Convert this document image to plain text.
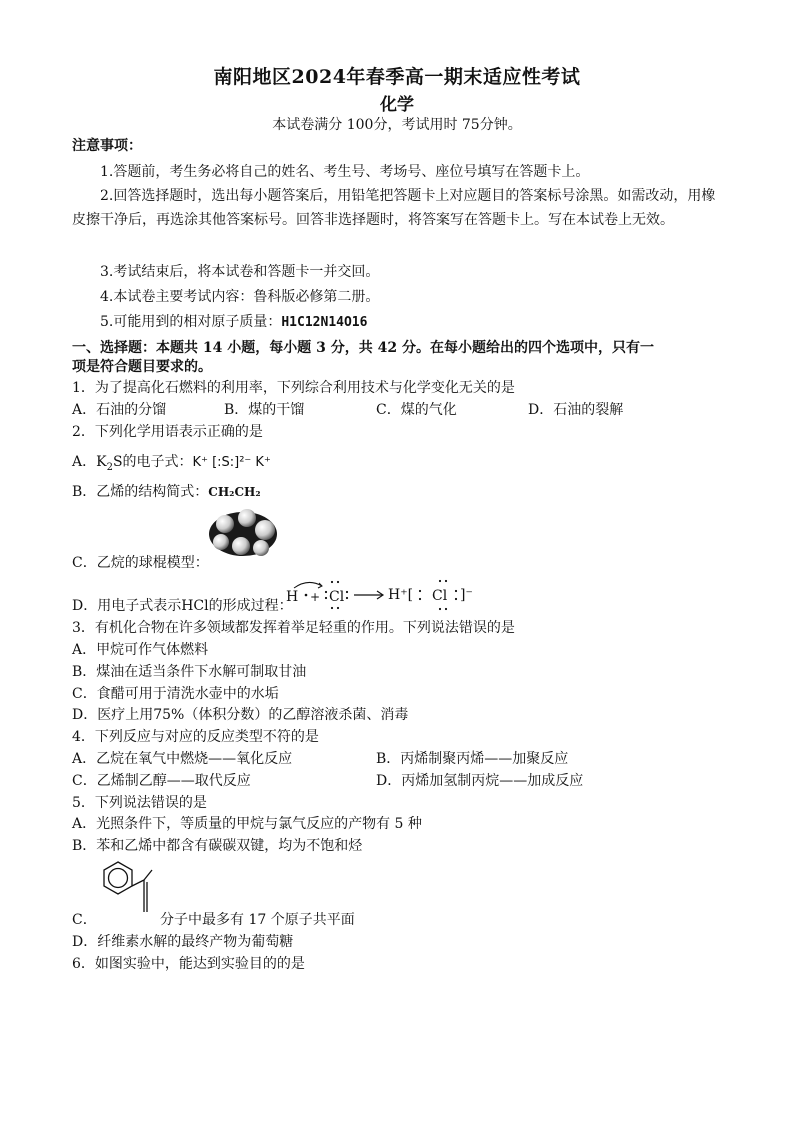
南阳地区2024年春季高一期末适应性考试
化学
本试卷满分 100分，考试用时 75分钟。
注意事项：
1.答题前，考生务必将自己的姓名、考生号、考场号、座位号填写在答题卡上。
2.回答选择题时，选出每小题答案后，用铅笔把答题卡上对应题目的答案标号涂黑。如需改动，用橡皮擦干净后，再选涂其他答案标号。回答非选择题时，将答案写在答题卡上。写在本试卷上无效。
3.考试结束后，将本试卷和答题卡一并交回。
4.本试卷主要考试内容：鲁科版必修第二册。
5.可能用到的相对原子质量：H1C12N14O16
一、选择题：本题共 14 小题，每小题 3 分，共 42 分。在每小题给出的四个选项中，只有一
项是符合题目要求的。
1．为了提高化石燃料的利用率，下列综合利用技术与化学变化无关的是
A．石油的分馏	B．煤的干馏	C．煤的气化	D．石油的裂解
2．下列化学用语表示正确的是
A．$K_2S$的电子式：K⁺ [:S:]²⁻ K⁺
B．乙烯的结构简式：CH₂CH₂
C．乙烷的球棍模型：
D．用电子式表示HCl的形成过程：
H + Cl	H⁺[ Cl ]⁻
3．有机化合物在许多领域都发挥着举足轻重的作用。下列说法错误的是
A．甲烷可作气体燃料
B．煤油在适当条件下水解可制取甘油
C．食醋可用于清洗水壶中的水垢
D．医疗上用75%（体积分数）的乙醇溶液杀菌、消毒
4．下列反应与对应的反应类型不符的是
A．乙烷在氧气中燃烧——氧化反应	B．丙烯制聚丙烯——加聚反应
C．乙烯制乙醇——取代反应	D．丙烯加氢制丙烷——加成反应
5．下列说法错误的是
A．光照条件下，等质量的甲烷与氯气反应的产物有 5 种
B．苯和乙烯中都含有碳碳双键，均为不饱和烃
C．	分子中最多有 17 个原子共平面
D．纤维素水解的最终产物为葡萄糖
6．如图实验中，能达到实验目的的是
